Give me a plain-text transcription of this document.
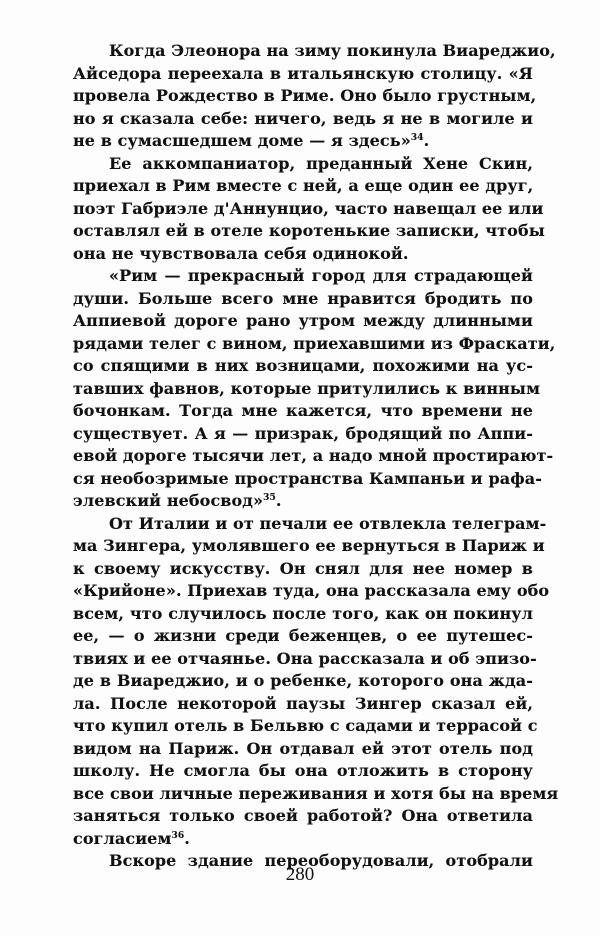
Когда Элеонора на зиму покинула Виареджио,
Айседора переехала в итальянскую столицу. «Я
провела Рождество в Риме. Оно было грустным,
но я сказала себе: ничего, ведь я не в могиле и
не в сумасшедшем доме — я здесь»$^{34}$.
Ее аккомпаниатор, преданный Хене Скин,
приехал в Рим вместе с ней, а еще один ее друг,
поэт Габриэле д'Аннунцио, часто навещал ее или
оставлял ей в отеле коротенькие записки, чтобы
она не чувствовала себя одинокой.
«Рим — прекрасный город для страдающей
души. Больше всего мне нравится бродить по
Аппиевой дороге рано утром между длинными
рядами телег с вином, приехавшими из Фраскати,
со спящими в них возницами, похожими на ус-
тавших фавнов, которые притулились к винным
бочонкам. Тогда мне кажется, что времени не
существует. А я — призрак, бродящий по Аппи-
евой дороге тысячи лет, а надо мной простирают-
ся необозримые пространства Кампаньи и рафа-
элевский небосвод»$^{35}$.
От Италии и от печали ее отвлекла телеграм-
ма Зингера, умолявшего ее вернуться в Париж и
к своему искусству. Он снял для нее номер в
«Крийоне». Приехав туда, она рассказала ему обо
всем, что случилось после того, как он покинул
ее, — о жизни среди беженцев, о ее путешес-
твиях и ее отчаянье. Она рассказала и об эпизо-
де в Виареджио, и о ребенке, которого она жда-
ла. После некоторой паузы Зингер сказал ей,
что купил отель в Бельвю с садами и террасой с
видом на Париж. Он отдавал ей этот отель под
школу. Не смогла бы она отложить в сторону
все свои личные переживания и хотя бы на время
заняться только своей работой? Она ответила
согласием$^{36}$.
Вскоре здание переоборудовали, отобрали
280
